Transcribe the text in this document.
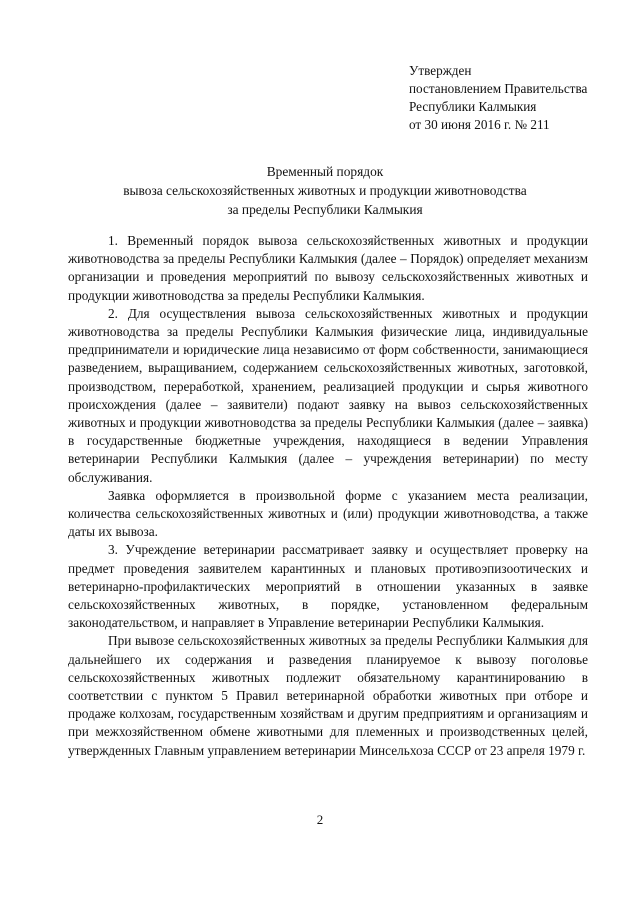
Утвержден
постановлением Правительства
Республики Калмыкия
от 30 июня 2016 г. № 211
Временный порядок
вывоза сельскохозяйственных животных и продукции животноводства
за пределы Республики Калмыкия

1. Временный порядок вывоза сельскохозяйственных животных и продукции животноводства за пределы Республики Калмыкия (далее – Порядок) определяет механизм организации и проведения мероприятий по вывозу сельскохозяйственных животных и продукции животноводства за пределы Республики Калмыкия.

2. Для осуществления вывоза сельскохозяйственных животных и продукции животноводства за пределы Республики Калмыкия физические лица, индивидуальные предприниматели и юридические лица независимо от форм собственности, занимающиеся разведением, выращиванием, содержанием сельскохозяйственных животных, заготовкой, производством, переработкой, хранением, реализацией продукции и сырья животного происхождения (далее – заявители) подают заявку на вывоз сельскохозяйственных животных и продукции животноводства за пределы Республики Калмыкия (далее – заявка) в государственные бюджетные учреждения, находящиеся в ведении Управления ветеринарии Республики Калмыкия (далее – учреждения ветеринарии) по месту обслуживания.

Заявка оформляется в произвольной форме с указанием места реализации, количества сельскохозяйственных животных и (или) продукции животноводства, а также даты их вывоза.

3. Учреждение ветеринарии рассматривает заявку и осуществляет проверку на предмет проведения заявителем карантинных и плановых противоэпизоотических и ветеринарно-профилактических мероприятий в отношении указанных в заявке сельскохозяйственных животных, в порядке, установленном федеральным законодательством, и направляет в Управление ветеринарии Республики Калмыкия.

При вывозе сельскохозяйственных животных за пределы Республики Калмыкия для дальнейшего их содержания и разведения планируемое к вывозу поголовье сельскохозяйственных животных подлежит обязательному карантинированию в соответствии с пунктом 5 Правил ветеринарной обработки животных при отборе и продаже колхозам, государственным хозяйствам и другим предприятиям и организациям и при межхозяйственном обмене животными для племенных и производственных целей, утвержденных Главным управлением ветеринарии Минсельхоза СССР от 23 апреля 1979 г.

2
